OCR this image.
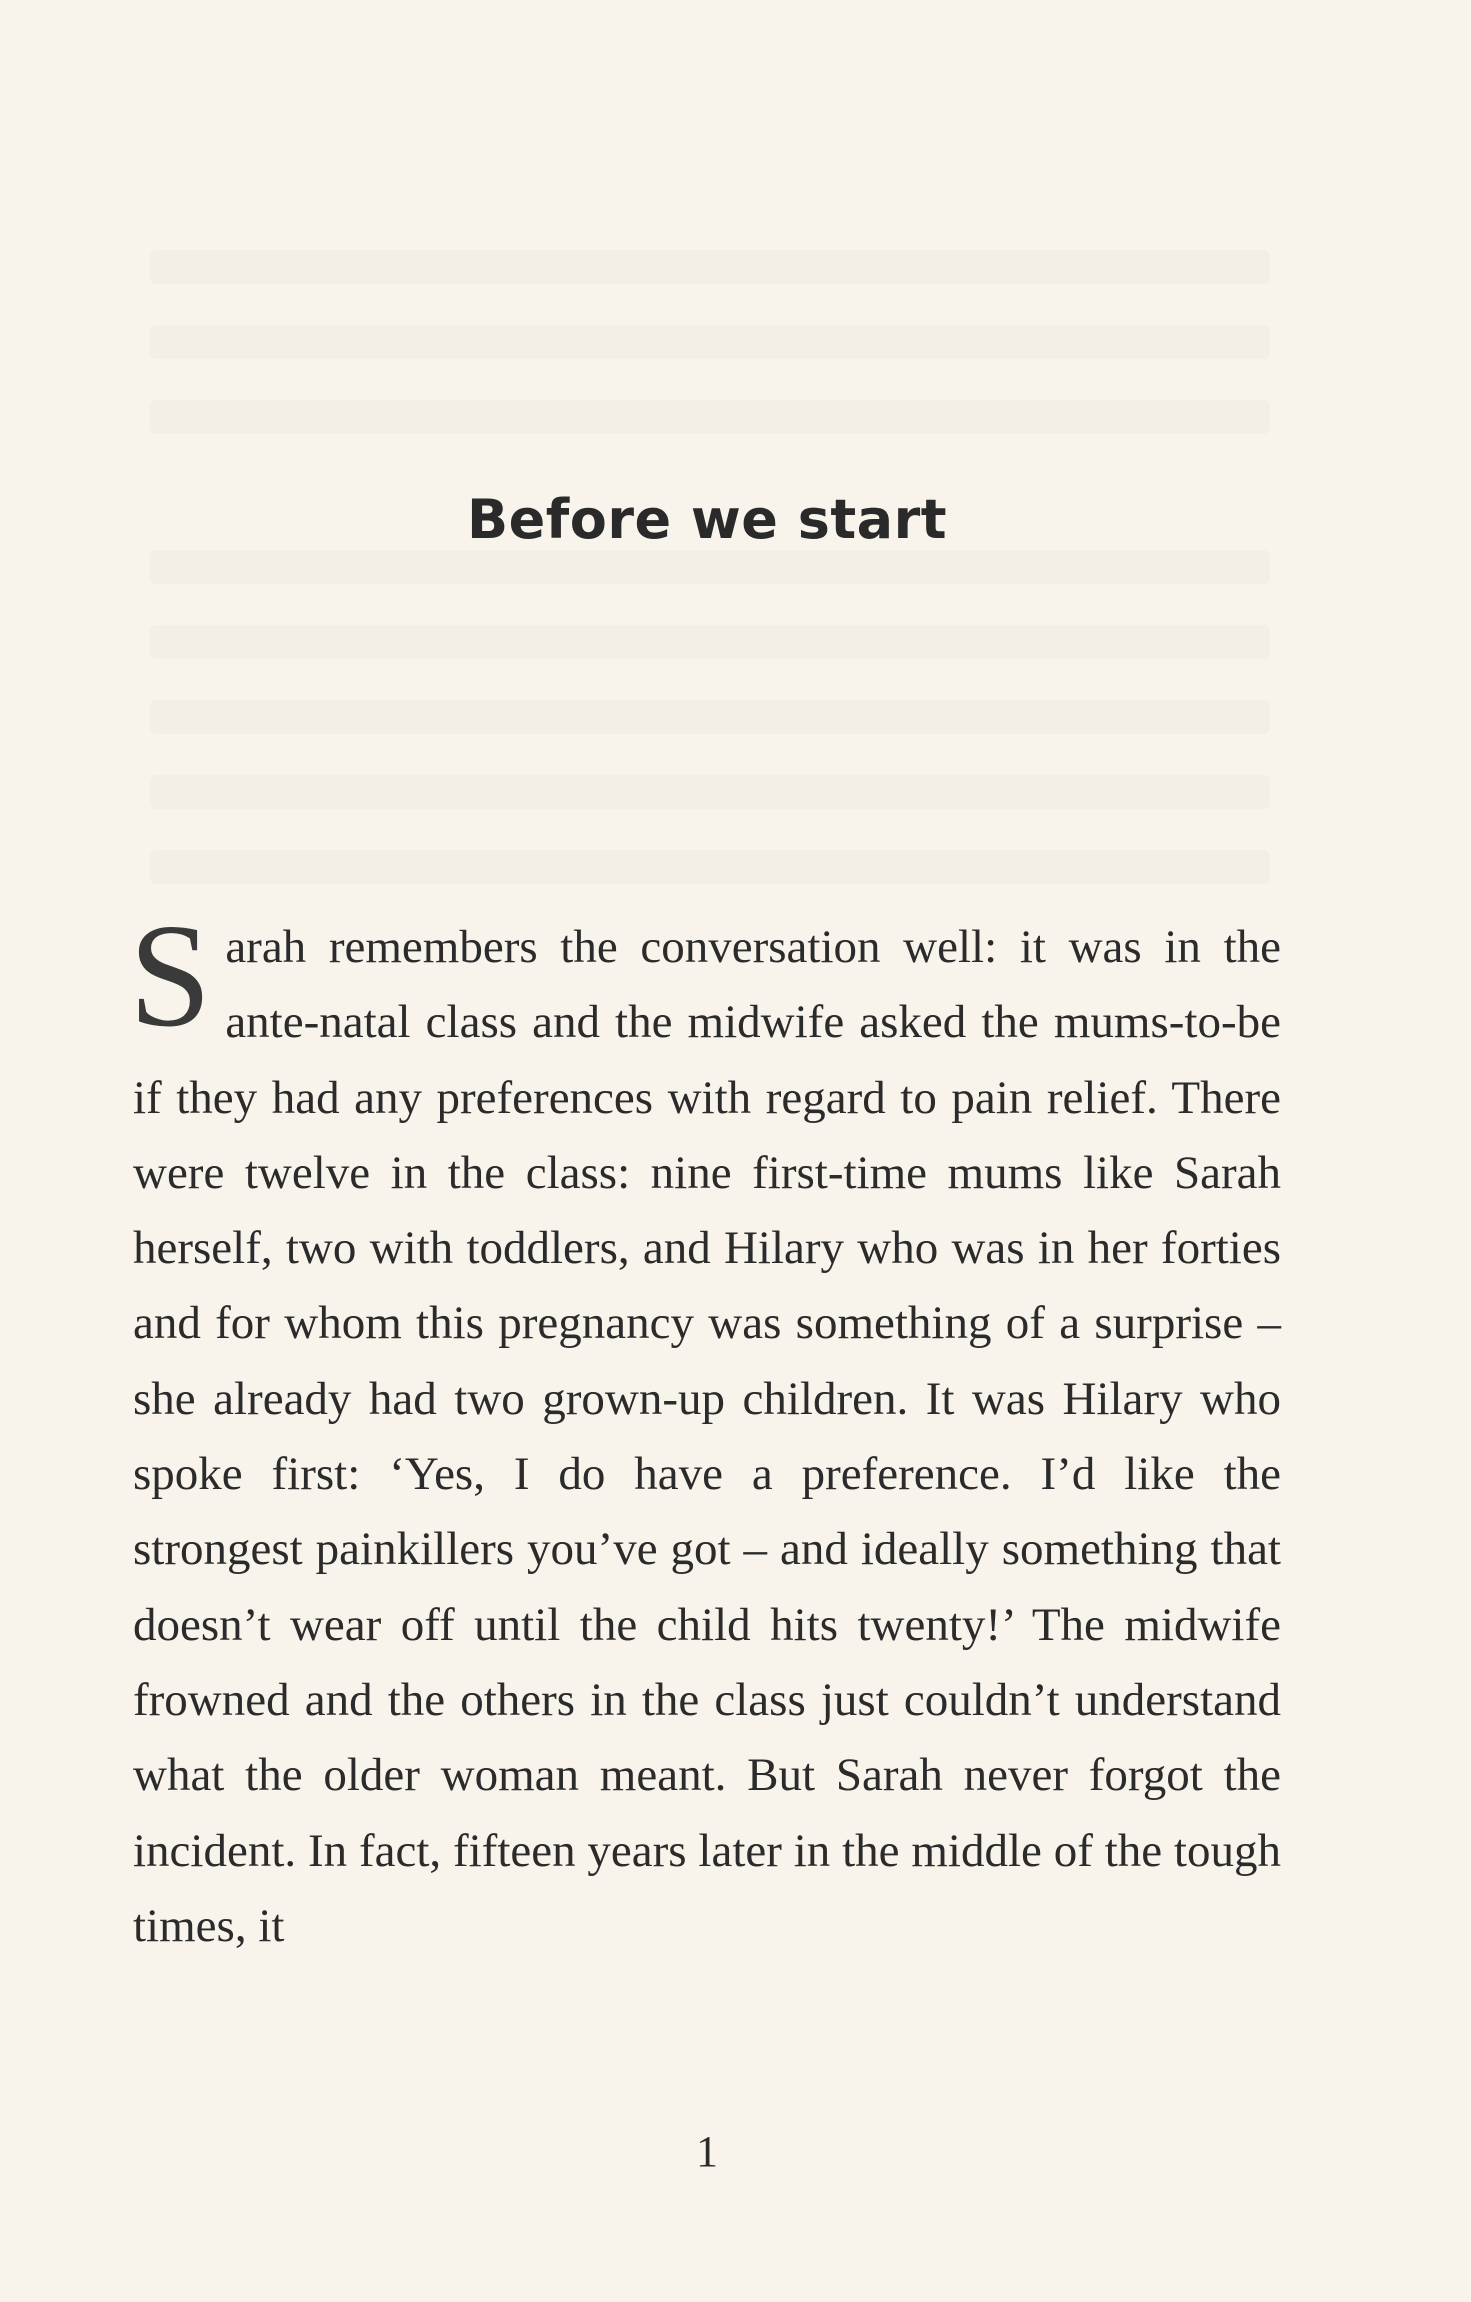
Before we start
Sarah remembers the conversation well: it was in the ante-natal class and the midwife asked the mums-to-be if they had any preferences with regard to pain relief. There were twelve in the class: nine first-time mums like Sarah herself, two with toddlers, and Hilary who was in her forties and for whom this pregnancy was something of a surprise – she already had two grown-up children. It was Hilary who spoke first: ‘Yes, I do have a preference. I’d like the strongest painkillers you’ve got – and ideally something that doesn’t wear off until the child hits twenty!’ The midwife frowned and the others in the class just couldn’t understand what the older woman meant. But Sarah never forgot the incident. In fact, fifteen years later in the middle of the tough times, it
1
